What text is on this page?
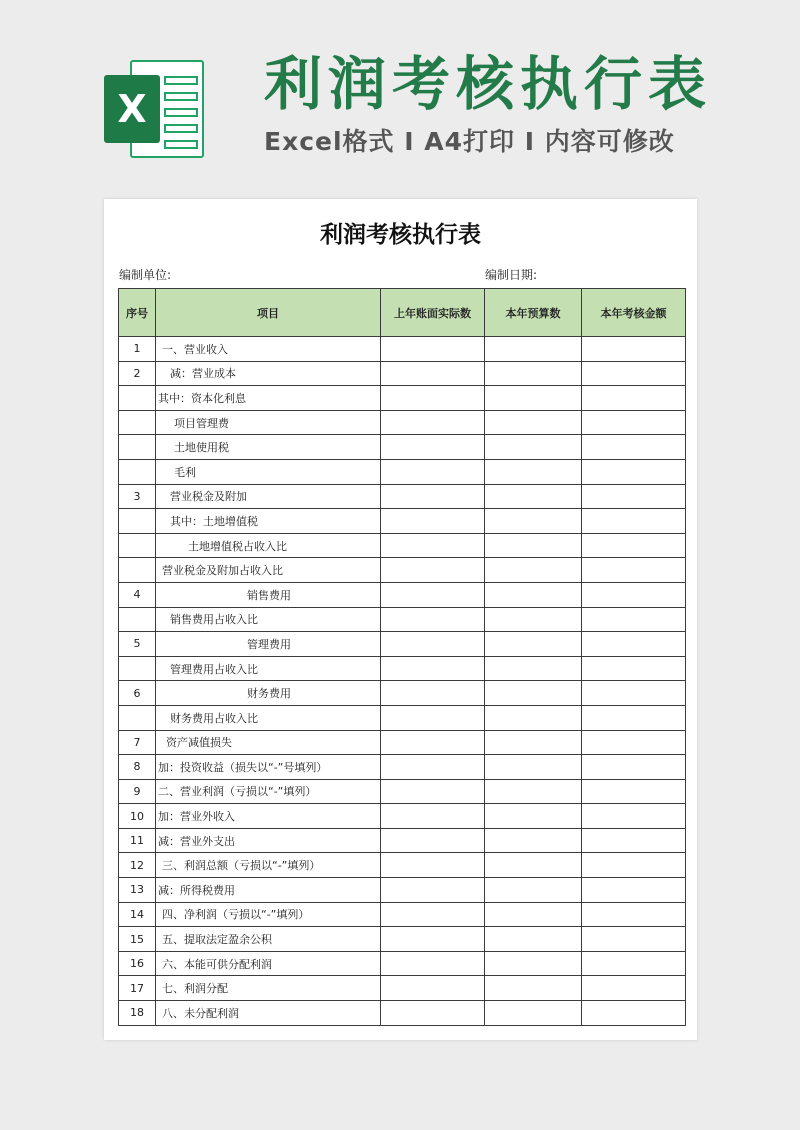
X 利润考核执行表
Excel格式 I A4打印 I 内容可修改
利润考核执行表
编制单位:	编制日期:
序号	项目	上年账面实际数	本年预算数	本年考核金额
1	一、营业收入			
2	减：营业成本			
	其中：资本化利息			
	项目管理费			
	土地使用税			
	毛利			
3	营业税金及附加			
	其中：土地增值税			
	土地增值税占收入比			
	营业税金及附加占收入比			
4	销售费用			
	销售费用占收入比			
5	管理费用			
	管理费用占收入比			
6	财务费用			
	财务费用占收入比			
7	资产减值损失			
8	加：投资收益（损失以“-”号填列）			
9	二、营业利润（亏损以“-”填列）			
10	加：营业外收入			
11	减：营业外支出			
12	三、利润总额（亏损以“-”填列）			
13	减：所得税费用			
14	四、净利润（亏损以“-”填列）			
15	五、提取法定盈余公积			
16	六、本能可供分配利润			
17	七、利润分配			
18	八、未分配利润			
